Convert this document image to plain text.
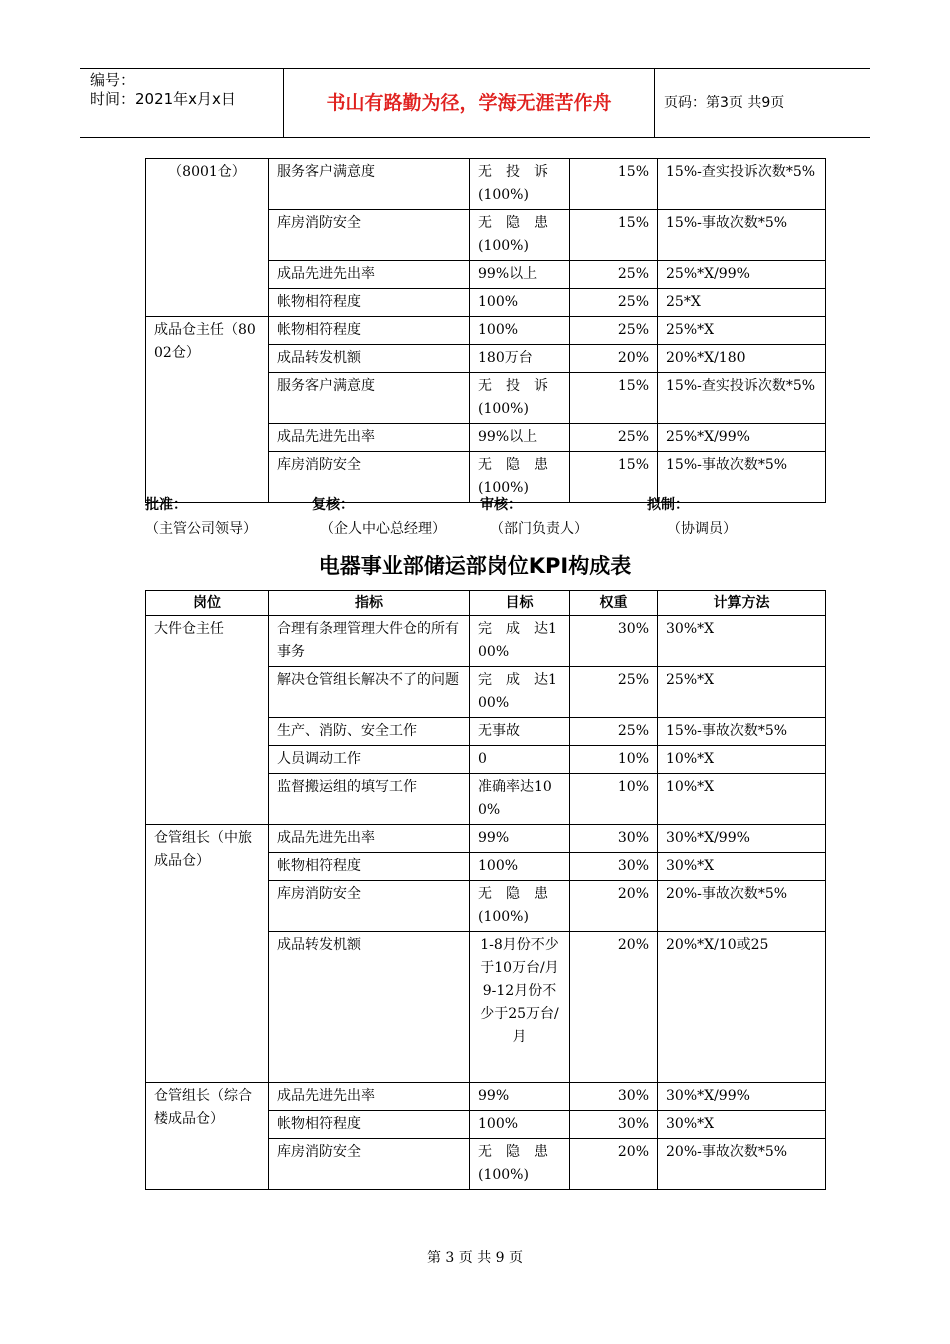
编号：
时间：2021年x月x日	书山有路勤为径，学海无涯苦作舟	页码：第3页 共9页
（8001仓）	服务客户满意度	无　投　诉(100%)	15%	15%-查实投诉次数*5%
	库房消防安全	无　隐　患(100%)	15%	15%-事故次数*5%
	成品先进先出率	99%以上	25%	25%*X/99%
	帐物相符程度	100%	25%	25*X
成品仓主任（8002仓）	帐物相符程度	100%	25%	25%*X
	成品转发机额	180万台	20%	20%*X/180
	服务客户满意度	无　投　诉(100%)	15%	15%-查实投诉次数*5%
	成品先进先出率	99%以上	25%	25%*X/99%
	库房消防安全	无　隐　患(100%)	15%	15%-事故次数*5%
批准：	复核：	审核：	拟制：
（主管公司领导）	（企人中心总经理）	（部门负责人）	（协调员）
电器事业部储运部岗位KPI构成表
岗位	指标	目标	权重	计算方法
大件仓主任	合理有条理管理大件仓的所有事务	完　成　达100%	30%	30%*X
	解决仓管组长解决不了的问题	完　成　达100%	25%	25%*X
	生产、消防、安全工作	无事故	25%	15%-事故次数*5%
	人员调动工作	0	10%	10%*X
	监督搬运组的填写工作	准确率达100%	10%	10%*X
仓管组长（中旅成品仓）	成品先进先出率	99%	30%	30%*X/99%
	帐物相符程度	100%	30%	30%*X
	库房消防安全	无　隐　患(100%)	20%	20%-事故次数*5%
	成品转发机额	1-8月份不少于10万台/月 9-12月份不少于25万台/月	20%	20%*X/10或25
仓管组长（综合楼成品仓）	成品先进先出率	99%	30%	30%*X/99%
	帐物相符程度	100%	30%	30%*X
	库房消防安全	无　隐　患(100%)	20%	20%-事故次数*5%
第 3 页 共 9 页
